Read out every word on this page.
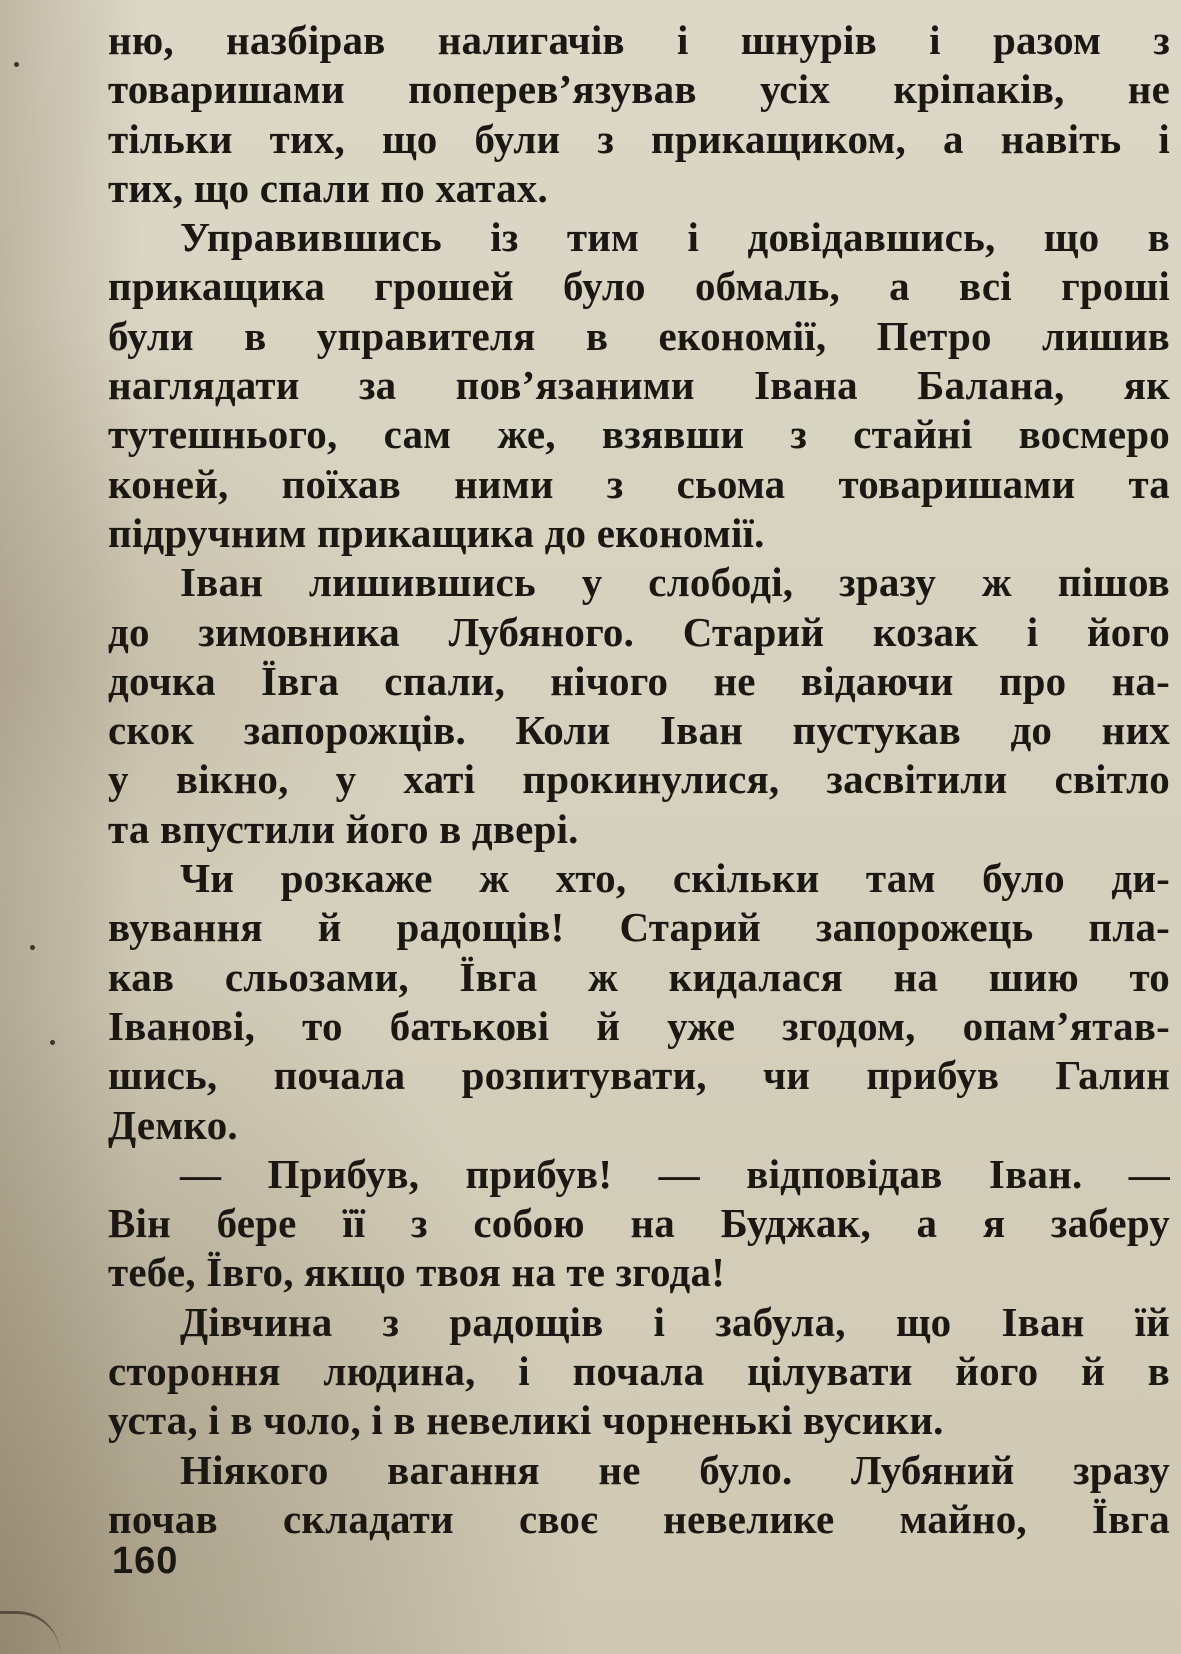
ню, назбірав налигачів і шнурів і разом з
товаришами поперев’язував усіх кріпаків, не
тільки тих, що були з прикащиком, а навіть і
тих, що спали по хатах.
Управившись із тим і довідавшись, що в
прикащика грошей було обмаль, а всі гроші
були в управителя в економії, Петро лишив
наглядати за пов’язаними Івана Балана, як
тутешнього, сам же, взявши з стайні восмеро
коней, поїхав ними з сьома товаришами та
підручним прикащика до економії.
Іван лишившись у слободі, зразу ж пішов
до зимовника Лубяного. Старий козак і його
дочка Ївга спали, нічого не відаючи про на-
скок запорожців. Коли Іван пустукав до них
у вікно, у хаті прокинулися, засвітили світло
та впустили його в двері.
Чи розкаже ж хто, скільки там було ди-
вування й радощів! Старий запорожець пла-
кав сльозами, Ївга ж кидалася на шию то
Іванові, то батькові й уже згодом, опам’ятав-
шись, почала розпитувати, чи прибув Галин
Демко.
— Прибув, прибув! — відповідав Іван. —
Він бере її з собою на Буджак, а я заберу
тебе, Ївго, якщо твоя на те згода!
Дівчина з радощів і забула, що Іван їй
стороння людина, і почала цілувати його й в
уста, і в чоло, і в невеликі чорненькі вусики.
Ніякого вагання не було. Лубяний зразу
почав складати своє невелике майно, Ївга
160
